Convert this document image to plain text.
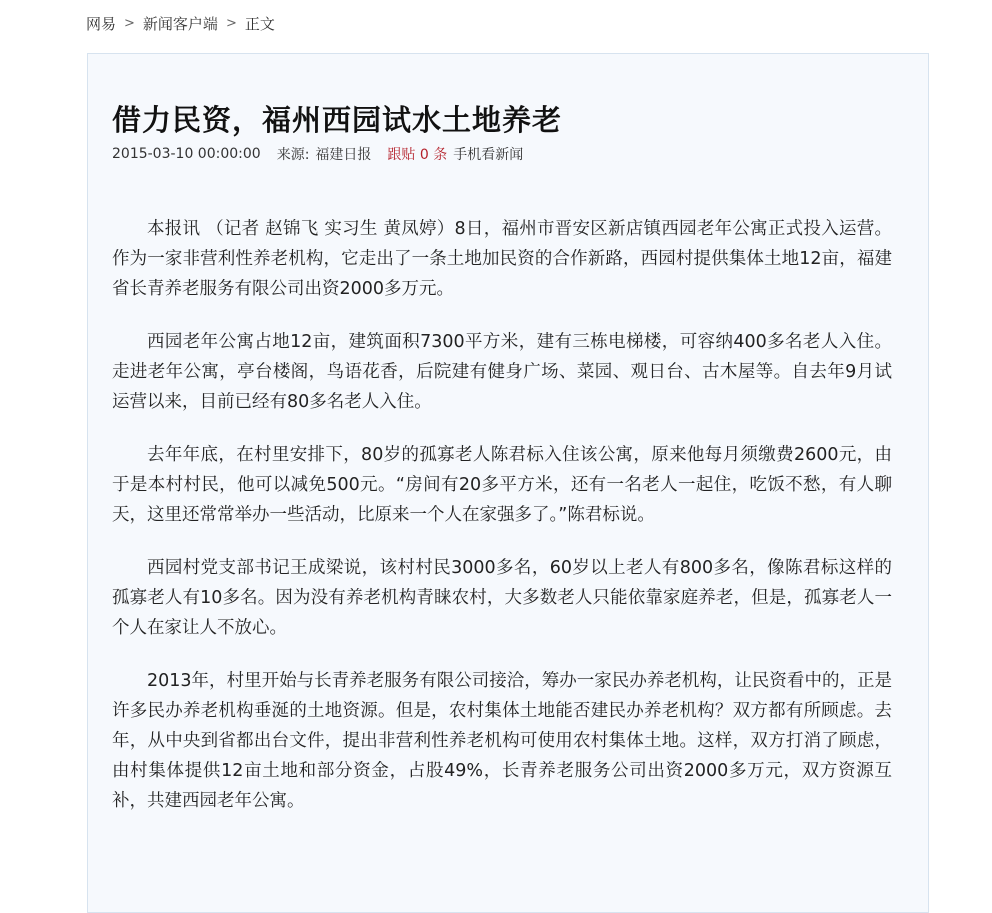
网易 > 新闻客户端 > 正文
借力民资，福州西园试水土地养老
2015-03-10 00:00:00 来源: 福建日报 跟贴 0 条 手机看新闻

本报讯 （记者 赵锦飞 实习生 黄凤婷）8日，福州市晋安区新店镇西园老年公寓正式投入运营。作为一家非营利性养老机构，它走出了一条土地加民资的合作新路，西园村提供集体土地12亩，福建省长青养老服务有限公司出资2000多万元。

西园老年公寓占地12亩，建筑面积7300平方米，建有三栋电梯楼，可容纳400多名老人入住。走进老年公寓，亭台楼阁，鸟语花香，后院建有健身广场、菜园、观日台、古木屋等。自去年9月试运营以来，目前已经有80多名老人入住。

去年年底，在村里安排下，80岁的孤寡老人陈君标入住该公寓，原来他每月须缴费2600元，由于是本村村民，他可以减免500元。“房间有20多平方米，还有一名老人一起住，吃饭不愁，有人聊天，这里还常常举办一些活动，比原来一个人在家强多了。”陈君标说。

西园村党支部书记王成梁说，该村村民3000多名，60岁以上老人有800多名，像陈君标这样的孤寡老人有10多名。因为没有养老机构青睐农村，大多数老人只能依靠家庭养老，但是，孤寡老人一个人在家让人不放心。

2013年，村里开始与长青养老服务有限公司接洽，筹办一家民办养老机构，让民资看中的，正是许多民办养老机构垂涎的土地资源。但是，农村集体土地能否建民办养老机构？双方都有所顾虑。去年，从中央到省都出台文件，提出非营利性养老机构可使用农村集体土地。这样，双方打消了顾虑，由村集体提供12亩土地和部分资金，占股49%，长青养老服务公司出资2000多万元，双方资源互补，共建西园老年公寓。
